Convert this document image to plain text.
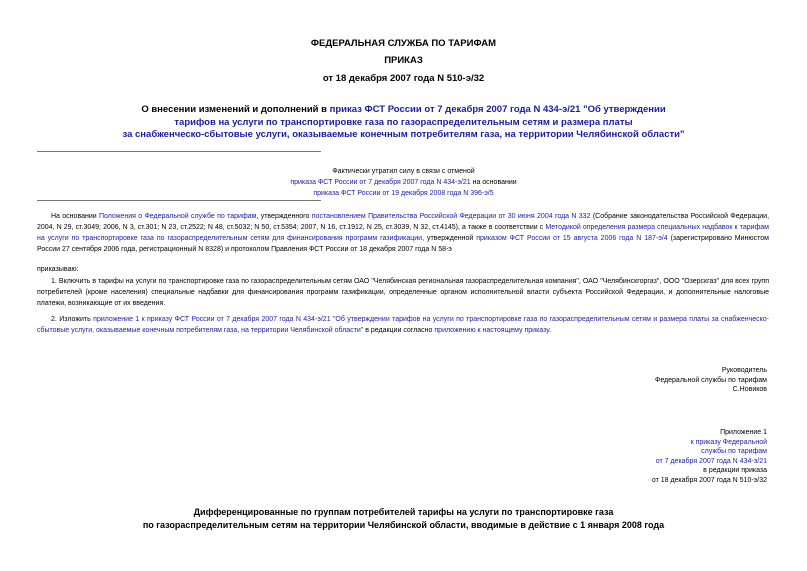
ФЕДЕРАЛЬНАЯ СЛУЖБА ПО ТАРИФАМ
ПРИКАЗ
от 18 декабря 2007 года N 510-э/32
О внесении изменений и дополнений в приказ ФСТ России от 7 декабря 2007 года N 434-э/21 "Об утверждении
тарифов на услуги по транспортировке газа по газораспределительным сетям и размера платы
за снабженческо-сбытовые услуги, оказываемые конечным потребителям газа, на территории Челябинской области"
Фактически утратил силу в связи с отменой
приказа ФСТ России от 7 декабря 2007 года N 434-э/21 на основании
приказа ФСТ России от 19 декабря 2008 года N 396-э/5
На основании Положения о Федеральной службе по тарифам, утвержденного постановлением Правительства Российской Федерации от 30 июня 2004 года N 332 (Собрание законодательства Российской Федерации, 2004, N 29, ст.3049; 2006, N 3, ст.301; N 23, ст.2522; N 48, ст.5032; N 50, ст.5354; 2007, N 16, ст.1912, N 25, ст.3039, N 32, ст.4145), а также в соответствии с Методикой определения размера специальных надбавок к тарифам на услуги по транспортировке газа по газораспределительным сетям для финансирования программ газификации, утвержденной приказом ФСТ России от 15 августа 2006 года N 187-э/4 (зарегистрировано Минюстом России 27 сентября 2006 года, регистрационный N 8328) и протоколом Правления ФСТ России от 18 декабря 2007 года N 58-э
приказываю:
1. Включить в тарифы на услуги по транспортировке газа по газораспределительным сетям ОАО "Челябинская региональная газораспределительная компания", ОАО "Челябинскгоргаз", ООО "Озерскгаз" для всех групп потребителей (кроме населения) специальные надбавки для финансирования программ газификации, определенные органом исполнительной власти субъекта Российской Федерации, и дополнительные налоговые платежи, возникающие от их введения.
2. Изложить приложение 1 к приказу ФСТ России от 7 декабря 2007 года N 434-э/21 "Об утверждении тарифов на услуги по транспортировке газа по газораспределительным сетям и размера платы за снабженческо-сбытовые услуги, оказываемые конечным потребителям газа, на территории Челябинской области" в редакции согласно приложению к настоящему приказу.
Руководитель
Федеральной службы по тарифам
С.Новиков
Приложение 1
к приказу Федеральной
службы по тарифам
от 7 декабря 2007 года N 434-э/21
в редакции приказа
от 18 декабря 2007 года N 510-э/32
Дифференцированные по группам потребителей тарифы на услуги по транспортировке газа
по газораспределительным сетям на территории Челябинской области, вводимые в действие с 1 января 2008 года
